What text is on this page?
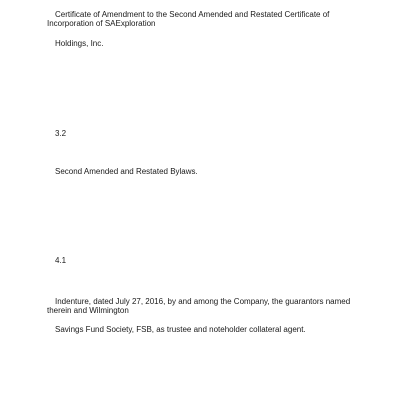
Certificate of Amendment to the Second Amended and Restated Certificate of
Incorporation of SAExploration
Holdings, Inc.
3.2
Second Amended and Restated Bylaws.
4.1
Indenture, dated July 27, 2016, by and among the Company, the guarantors named
therein and Wilmington
Savings Fund Society, FSB, as trustee and noteholder collateral agent.
